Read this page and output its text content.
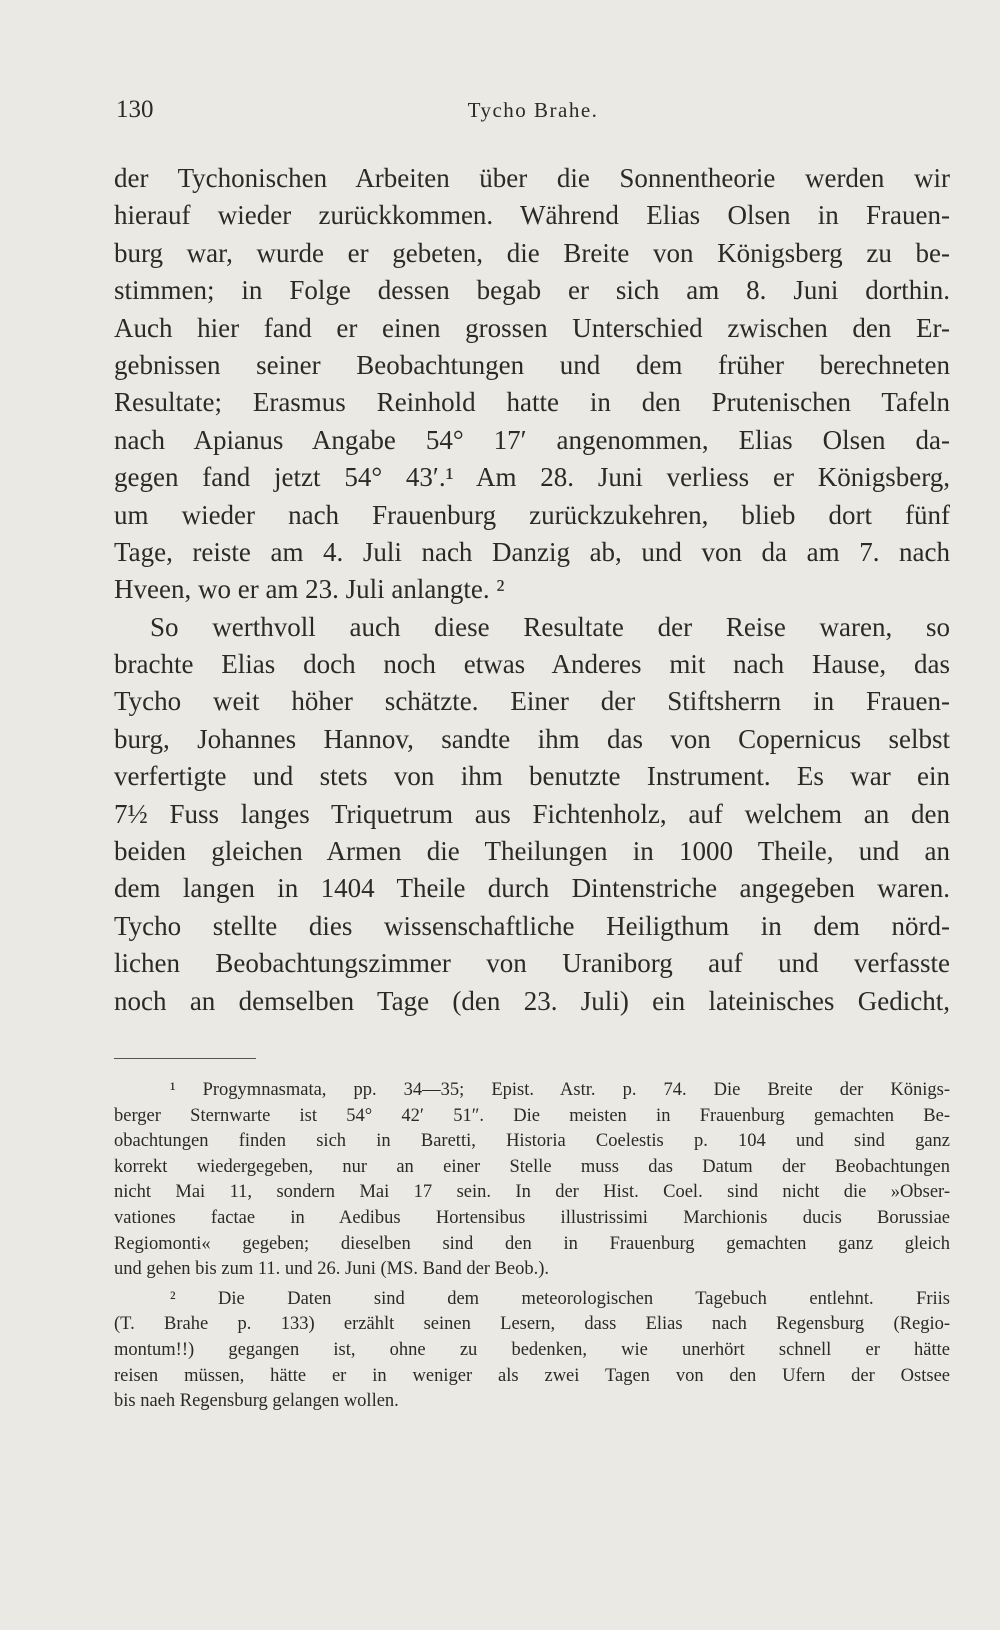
130	Tycho Brahe.
der Tychonischen Arbeiten über die Sonnentheorie werden wir
hierauf wieder zurückkommen. Während Elias Olsen in Frauen-
burg war, wurde er gebeten, die Breite von Königsberg zu be-
stimmen; in Folge dessen begab er sich am 8. Juni dorthin.
Auch hier fand er einen grossen Unterschied zwischen den Er-
gebnissen seiner Beobachtungen und dem früher berechneten
Resultate; Erasmus Reinhold hatte in den Prutenischen Tafeln
nach Apianus Angabe 54° 17′ angenommen, Elias Olsen da-
gegen fand jetzt 54° 43′.¹ Am 28. Juni verliess er Königsberg,
um wieder nach Frauenburg zurückzukehren, blieb dort fünf
Tage, reiste am 4. Juli nach Danzig ab, und von da am 7. nach
Hveen, wo er am 23. Juli anlangte. ²
So werthvoll auch diese Resultate der Reise waren, so
brachte Elias doch noch etwas Anderes mit nach Hause, das
Tycho weit höher schätzte. Einer der Stiftsherrn in Frauen-
burg, Johannes Hannov, sandte ihm das von Copernicus selbst
verfertigte und stets von ihm benutzte Instrument. Es war ein
7½ Fuss langes Triquetrum aus Fichtenholz, auf welchem an den
beiden gleichen Armen die Theilungen in 1000 Theile, und an
dem langen in 1404 Theile durch Dintenstriche angegeben waren.
Tycho stellte dies wissenschaftliche Heiligthum in dem nörd-
lichen Beobachtungszimmer von Uraniborg auf und verfasste
noch an demselben Tage (den 23. Juli) ein lateinisches Gedicht,
¹ Progymnasmata, pp. 34—35; Epist. Astr. p. 74. Die Breite der Königs-
berger Sternwarte ist 54° 42′ 51″. Die meisten in Frauenburg gemachten Be-
obachtungen finden sich in Baretti, Historia Coelestis p. 104 und sind ganz
korrekt wiedergegeben, nur an einer Stelle muss das Datum der Beobachtungen
nicht Mai 11, sondern Mai 17 sein. In der Hist. Coel. sind nicht die »Obser-
vationes factae in Aedibus Hortensibus illustrissimi Marchionis ducis Borussiae
Regiomonti« gegeben; dieselben sind den in Frauenburg gemachten ganz gleich
und gehen bis zum 11. und 26. Juni (MS. Band der Beob.).
² Die Daten sind dem meteorologischen Tagebuch entlehnt. Friis
(T. Brahe p. 133) erzählt seinen Lesern, dass Elias nach Regensburg (Regio-
montum!!) gegangen ist, ohne zu bedenken, wie unerhört schnell er hätte
reisen müssen, hätte er in weniger als zwei Tagen von den Ufern der Ostsee
bis naeh Regensburg gelangen wollen.
